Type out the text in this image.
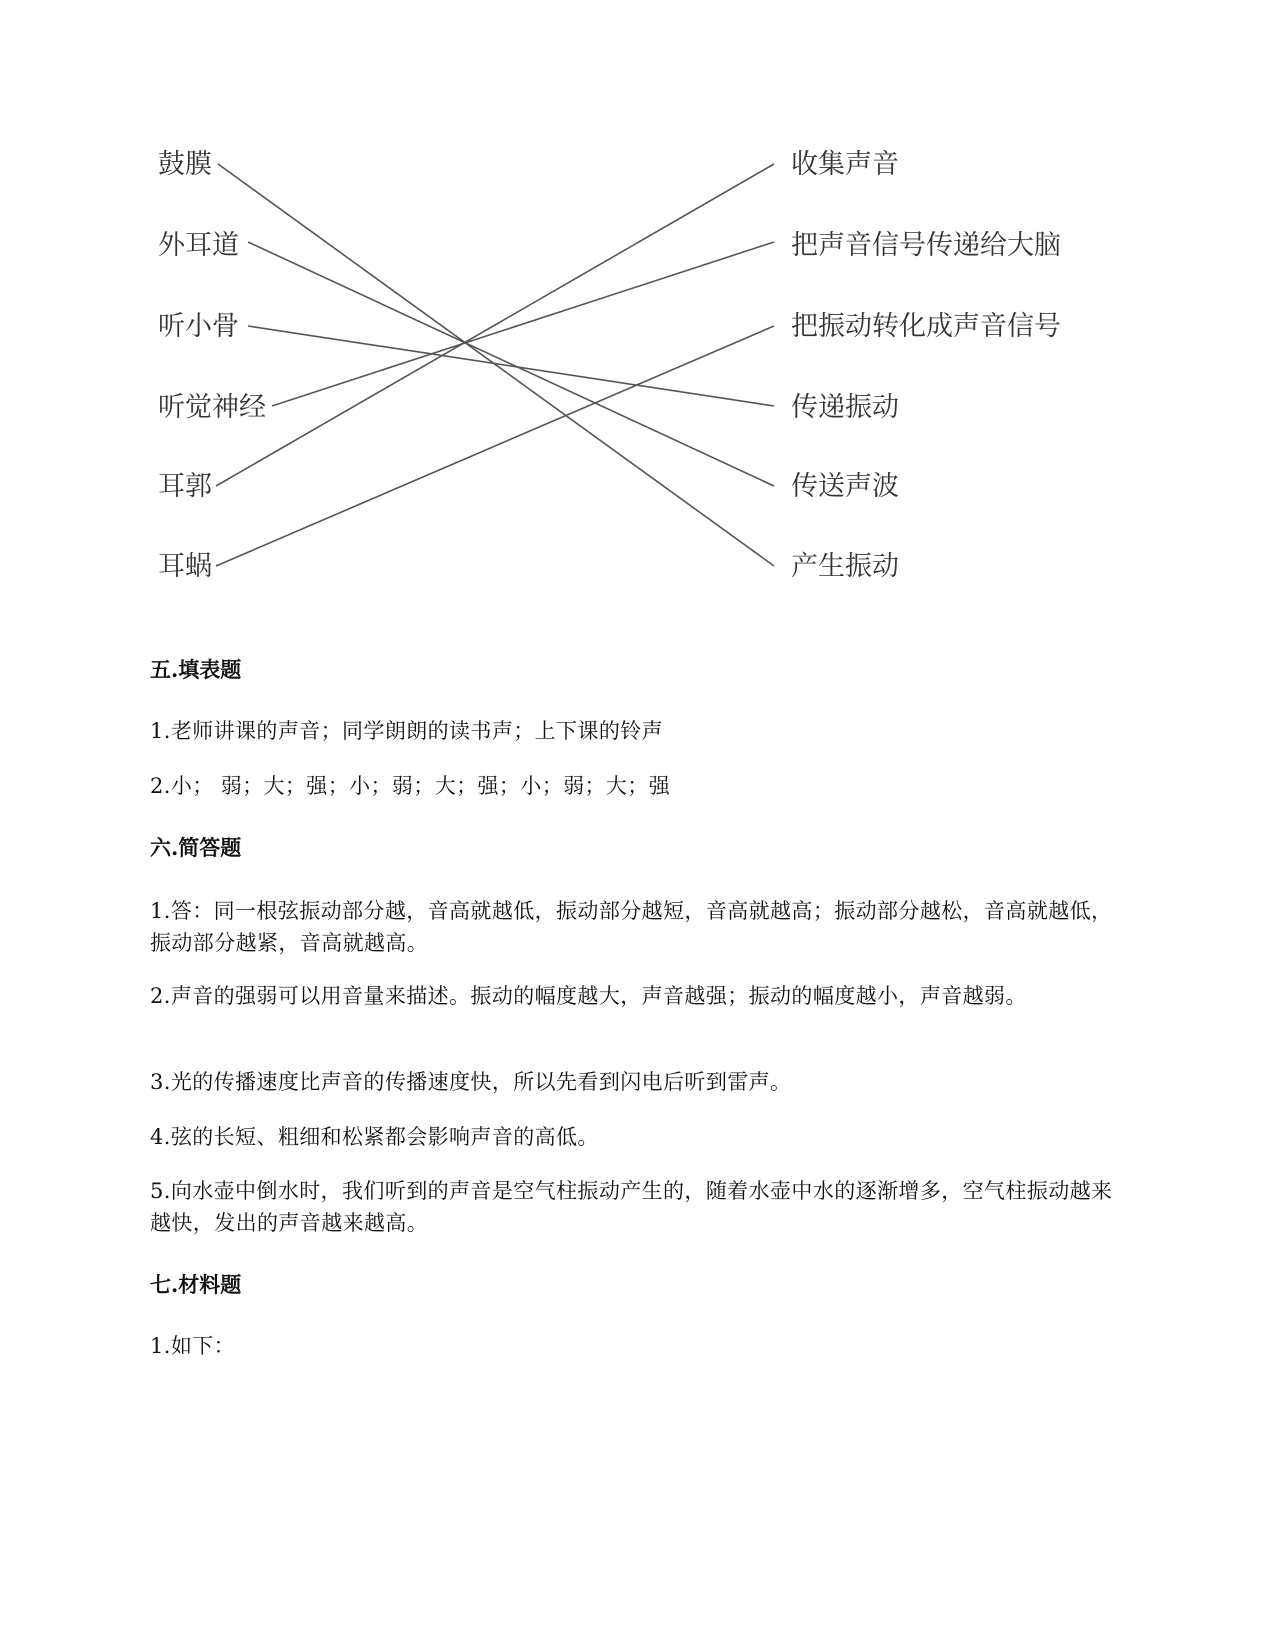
鼓膜
外耳道
听小骨
听觉神经
耳郭
耳蜗
收集声音
把声音信号传递给大脑
把振动转化成声音信号
传递振动
传送声波
产生振动
五.填表题
1.老师讲课的声音；同学朗朗的读书声；上下课的铃声
2.小； 弱；大；强；小；弱；大；强；小；弱；大；强
六.简答题
1.答：同一根弦振动部分越，音高就越低，振动部分越短，音高就越高；振动部分越松，音高就越低，振动部分越紧，音高就越高。
2.声音的强弱可以用音量来描述。振动的幅度越大，声音越强；振动的幅度越小，声音越弱。
3.光的传播速度比声音的传播速度快，所以先看到闪电后听到雷声。
4.弦的长短、粗细和松紧都会影响声音的高低。
5.向水壶中倒水时，我们听到的声音是空气柱振动产生的，随着水壶中水的逐渐增多，空气柱振动越来越快，发出的声音越来越高。
七.材料题
1.如下：
